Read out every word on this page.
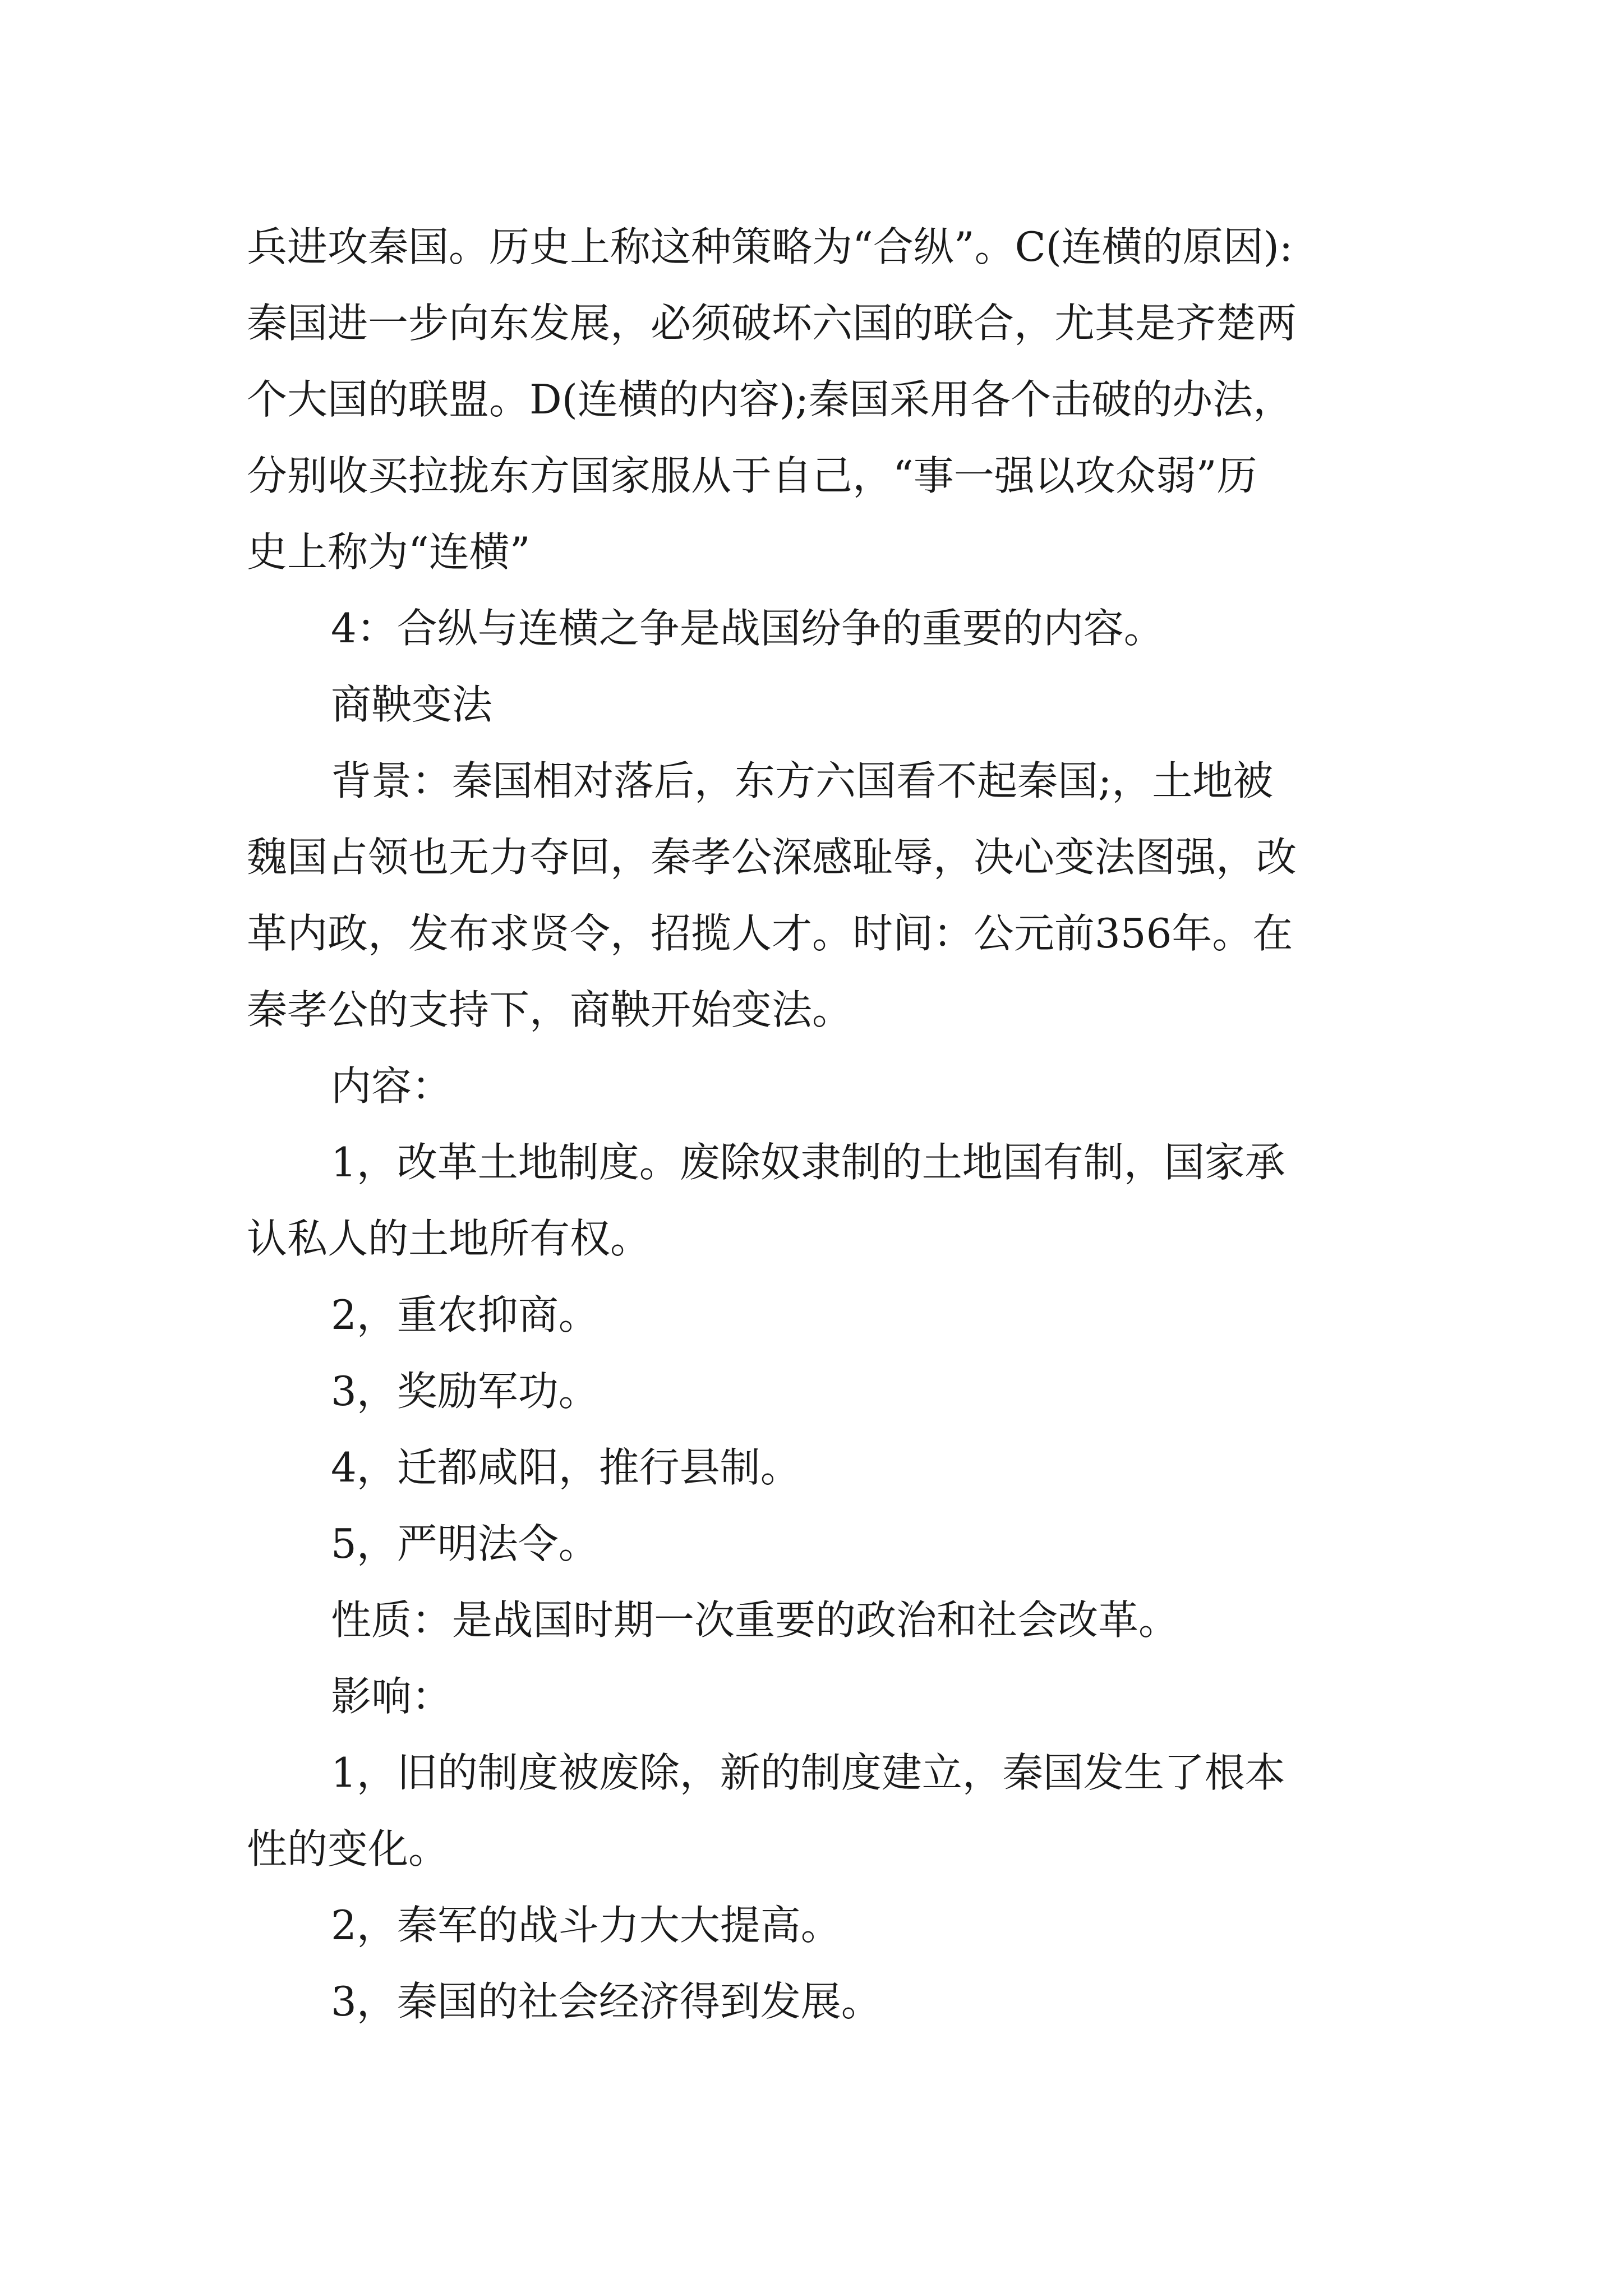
兵进攻秦国。历史上称这种策略为“合纵”。C(连横的原因):

秦国进一步向东发展，必须破坏六国的联合，尤其是齐楚两

个大国的联盟。D(连横的内容);秦国采用各个击破的办法，

分别收买拉拢东方国家服从于自己，“事一强以攻众弱”历

史上称为“连横”

4：合纵与连横之争是战国纷争的重要的内容。

商鞅变法

背景：秦国相对落后，东方六国看不起秦国;，土地被

魏国占领也无力夺回，秦孝公深感耻辱，决心变法图强，改

革内政，发布求贤令，招揽人才。时间：公元前356年。在

秦孝公的支持下，商鞅开始变法。

内容：

1，改革土地制度。废除奴隶制的土地国有制，国家承

认私人的土地所有权。

2，重农抑商。

3，奖励军功。

4，迁都咸阳，推行县制。

5，严明法令。

性质：是战国时期一次重要的政治和社会改革。

影响：

1，旧的制度被废除，新的制度建立，秦国发生了根本

性的变化。

2，秦军的战斗力大大提高。

3，秦国的社会经济得到发展。
